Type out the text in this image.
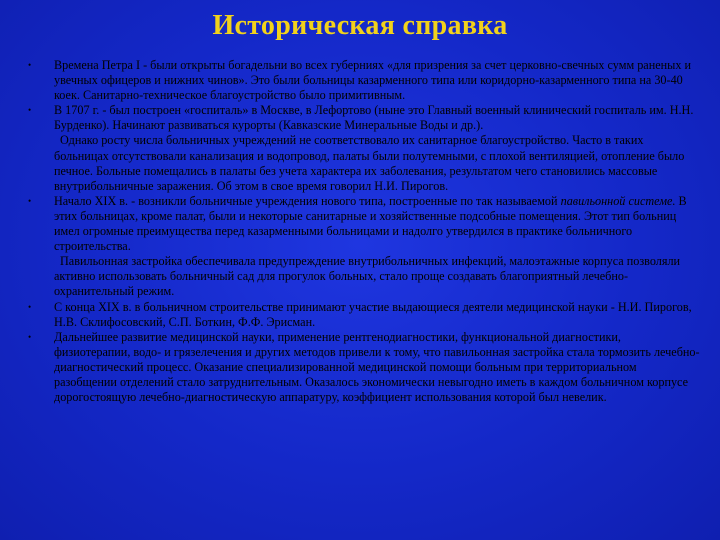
Историческая справка
• Времена Петра I - были открыты богадельни во всех губерниях «для призрения за счет церковно-свечных сумм раненых и увечных офицеров и нижних чинов». Это были больницы казарменного типа или коридорно-казарменного типа на 30-40 коек. Санитарно-техническое благоустройство было примитивным.
• В 1707 г. - был построен «госпиталь» в Москве, в Лефортово (ныне это Главный военный клинический госпиталь им. Н.Н. Бурденко). Начинают развиваться курорты (Кавказские Минеральные Воды и др.).
Однако росту числа больничных учреждений не соответствовало их санитарное благоустройство. Часто в таких больницах отсутствовали канализация и водопровод, палаты были полутемными, с плохой вентиляцией, отопление было печное. Больные помещались в палаты без учета характера их заболевания, результатом чего становились массовые внутрибольничные заражения. Об этом в свое время говорил Н.И. Пирогов.
• Начало XIX в. - возникли больничные учреждения нового типа, построенные по так называемой павильонной системе. В этих больницах, кроме палат, были и некоторые санитарные и хозяйственные подсобные помещения. Этот тип больниц имел огромные преимущества перед казарменными больницами и надолго утвердился в практике больничного строительства.
Павильонная застройка обеспечивала предупреждение внутрибольничных инфекций, малоэтажные корпуса позволяли активно использовать больничный сад для прогулок больных, стало проще создавать благоприятный лечебно-охранительный режим.
• С конца XIX в. в больничном строительстве принимают участие выдающиеся деятели медицинской науки - Н.И. Пирогов, Н.В. Склифосовский, С.П. Боткин, Ф.Ф. Эрисман.
• Дальнейшее развитие медицинской науки, применение рентгенодиагностики, функциональной диагностики, физиотерапии, водо- и грязелечения и других методов привели к тому, что павильонная застройка стала тормозить лечебно-диагностический процесс. Оказание специализированной медицинской помощи больным при территориальном разобщении отделений стало затруднительным. Оказалось экономически невыгодно иметь в каждом больничном корпусе дорогостоящую лечебно-диагностическую аппаратуру, коэффициент использования которой был невелик.
